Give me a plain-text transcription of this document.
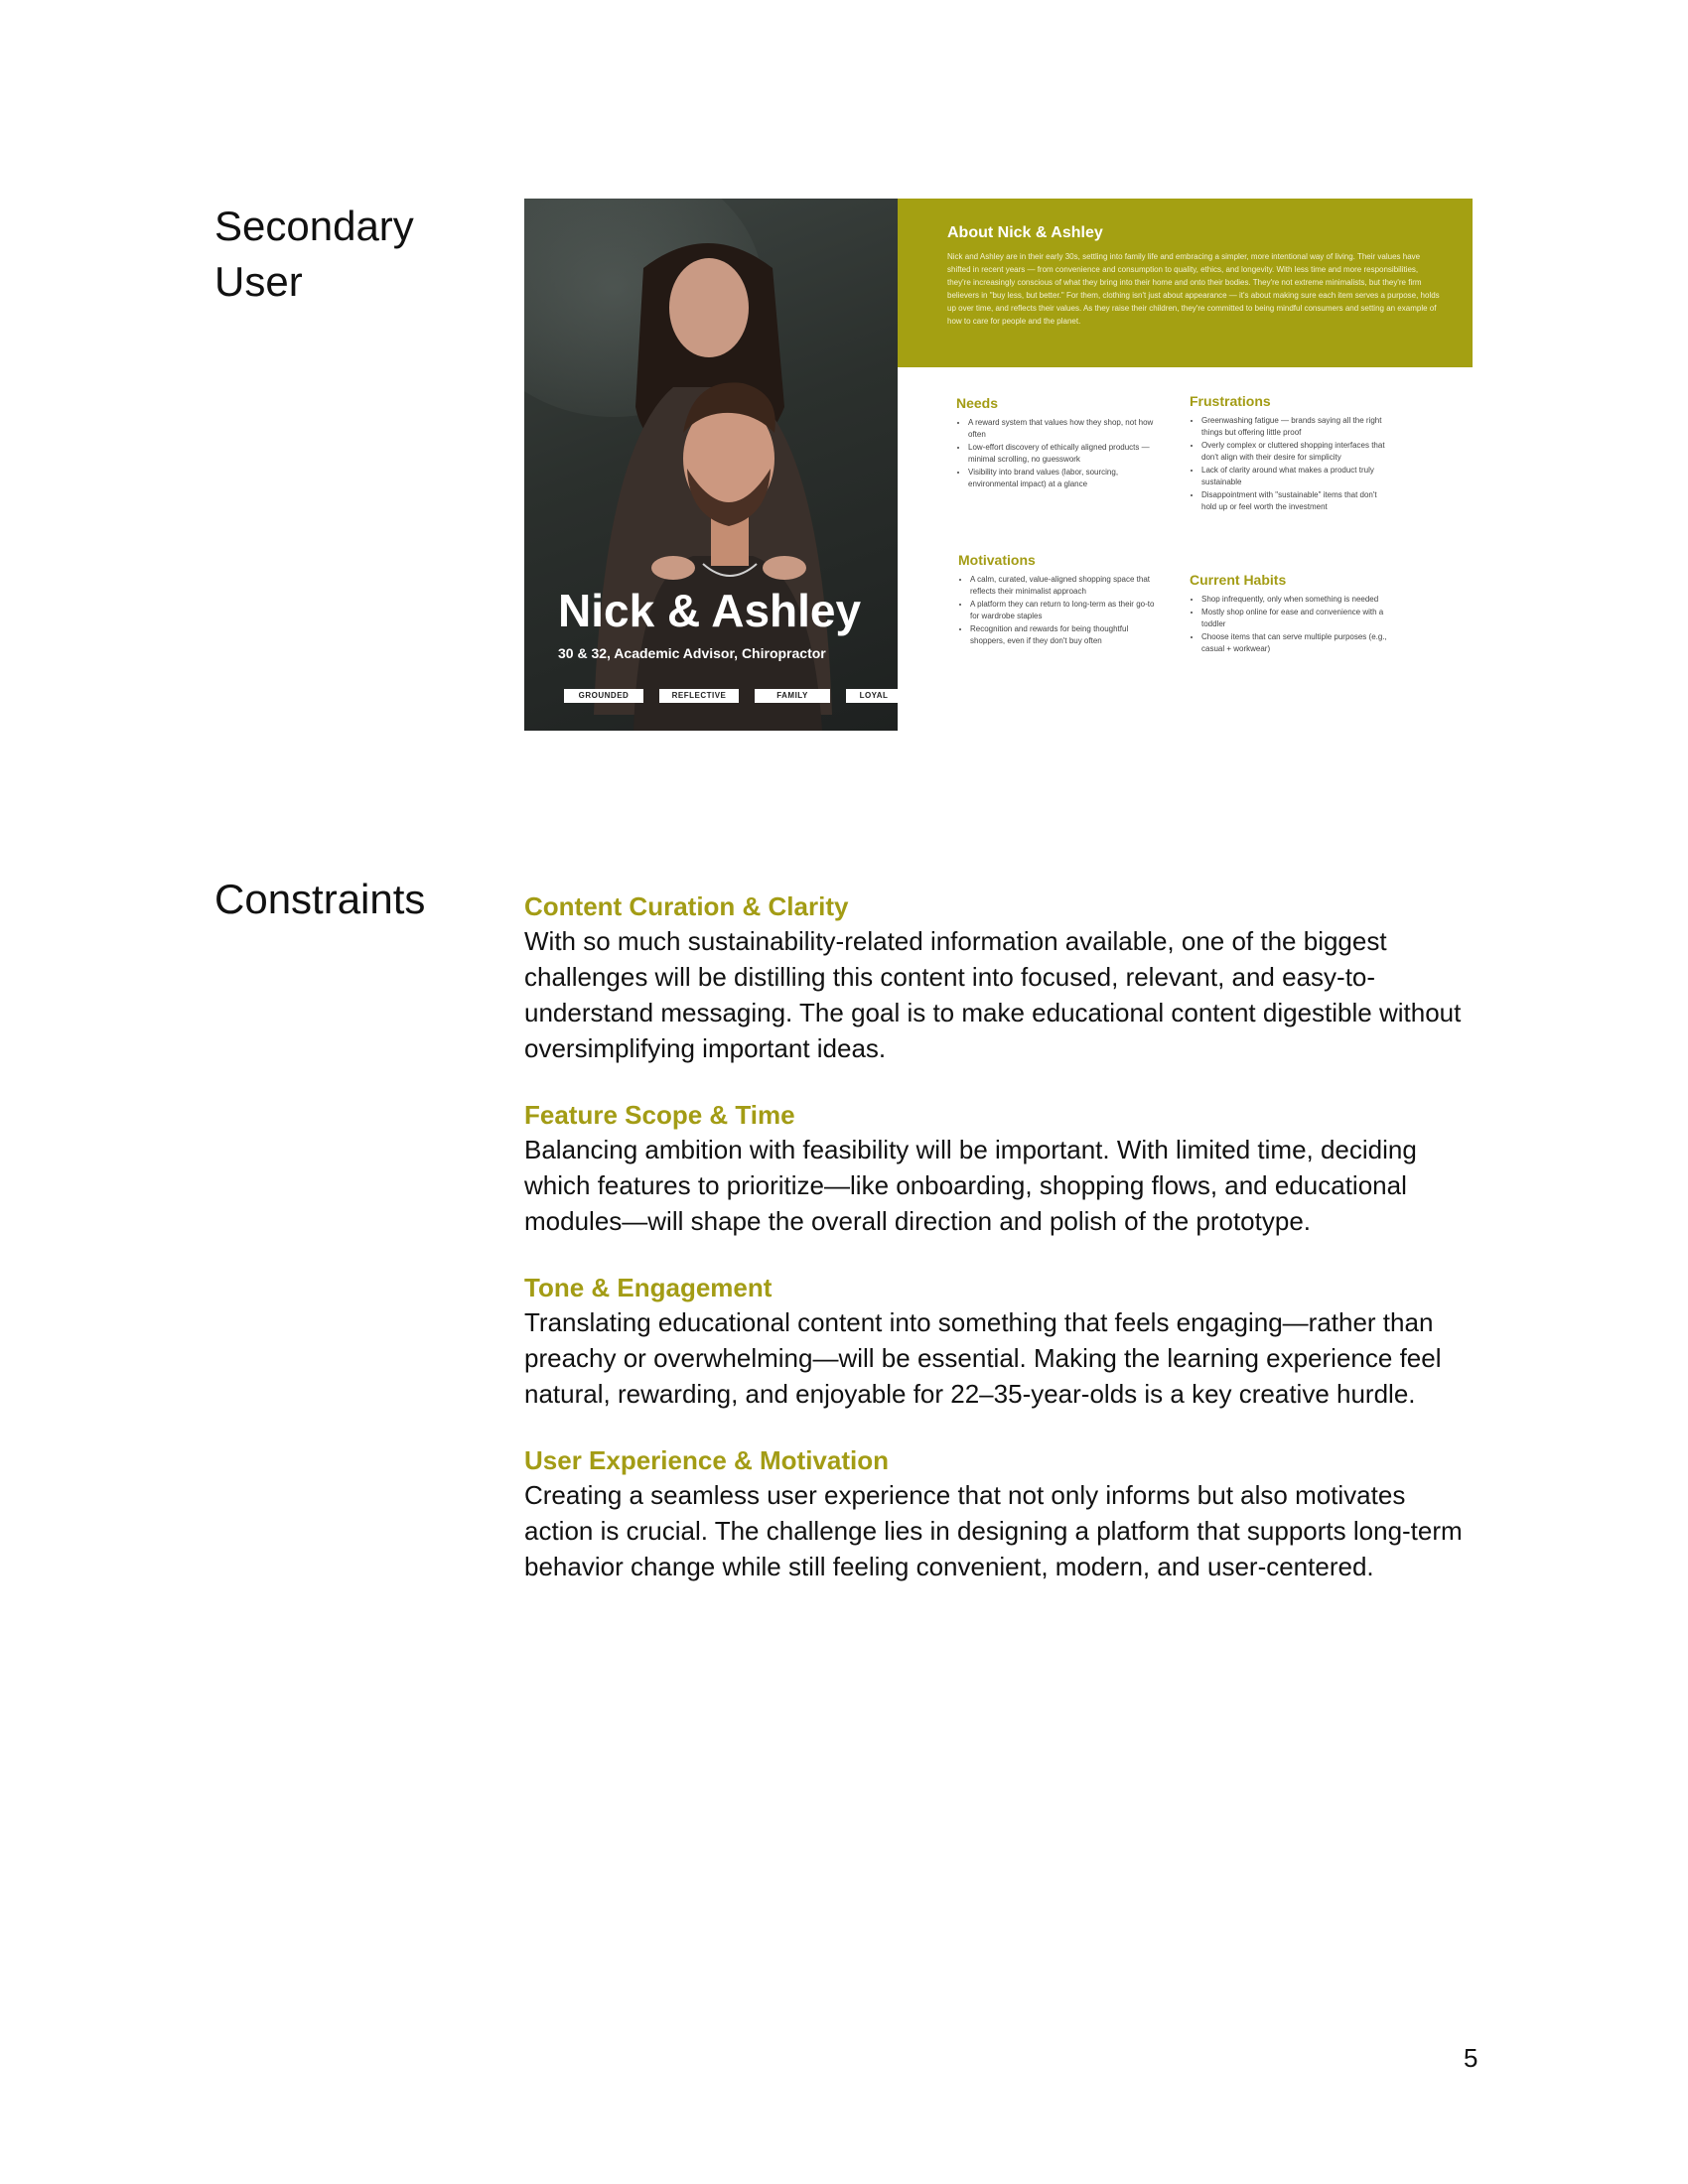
Secondary User
Nick & Ashley
30 & 32, Academic Advisor, Chiropractor
GROUNDED	REFLECTIVE	FAMILY	LOYAL
About Nick & Ashley

Nick and Ashley are in their early 30s, settling into family life and embracing a simpler, more intentional way of living. Their values have shifted in recent years — from convenience and consumption to quality, ethics, and longevity. With less time and more responsibilities, they're increasingly conscious of what they bring into their home and onto their bodies. They're not extreme minimalists, but they're firm believers in "buy less, but better." For them, clothing isn't just about appearance — it's about making sure each item serves a purpose, holds up over time, and reflects their values. As they raise their children, they're committed to being mindful consumers and setting an example of how to care for people and the planet.

Needs
• A reward system that values how they shop, not how often
• Low-effort discovery of ethically aligned products — minimal scrolling, no guesswork
• Visibility into brand values (labor, sourcing, environmental impact) at a glance
Frustrations
• Greenwashing fatigue — brands saying all the right things but offering little proof
• Overly complex or cluttered shopping interfaces that don't align with their desire for simplicity
• Lack of clarity around what makes a product truly sustainable
• Disappointment with "sustainable" items that don't hold up or feel worth the investment
Motivations
• A calm, curated, value-aligned shopping space that reflects their minimalist approach
• A platform they can return to long-term as their go-to for wardrobe staples
• Recognition and rewards for being thoughtful shoppers, even if they don't buy often
Current Habits
• Shop infrequently, only when something is needed
• Mostly shop online for ease and convenience with a toddler
• Choose items that can serve multiple purposes (e.g., casual + workwear)
Constraints	Content Curation & Clarity

With so much sustainability-related information available, one of the biggest challenges will be distilling this content into focused, relevant, and easy-to-understand messaging. The goal is to make educational content digestible without oversimplifying important ideas.

Feature Scope & Time

Balancing ambition with feasibility will be important. With limited time, deciding which features to prioritize—like onboarding, shopping flows, and educational modules—will shape the overall direction and polish of the prototype.

Tone & Engagement

Translating educational content into something that feels engaging—rather than preachy or overwhelming—will be essential. Making the learning experience feel natural, rewarding, and enjoyable for 22–35-year-olds is a key creative hurdle.

User Experience & Motivation

Creating a seamless user experience that not only informs but also motivates action is crucial. The challenge lies in designing a platform that supports long-term behavior change while still feeling convenient, modern, and user-centered.

5
